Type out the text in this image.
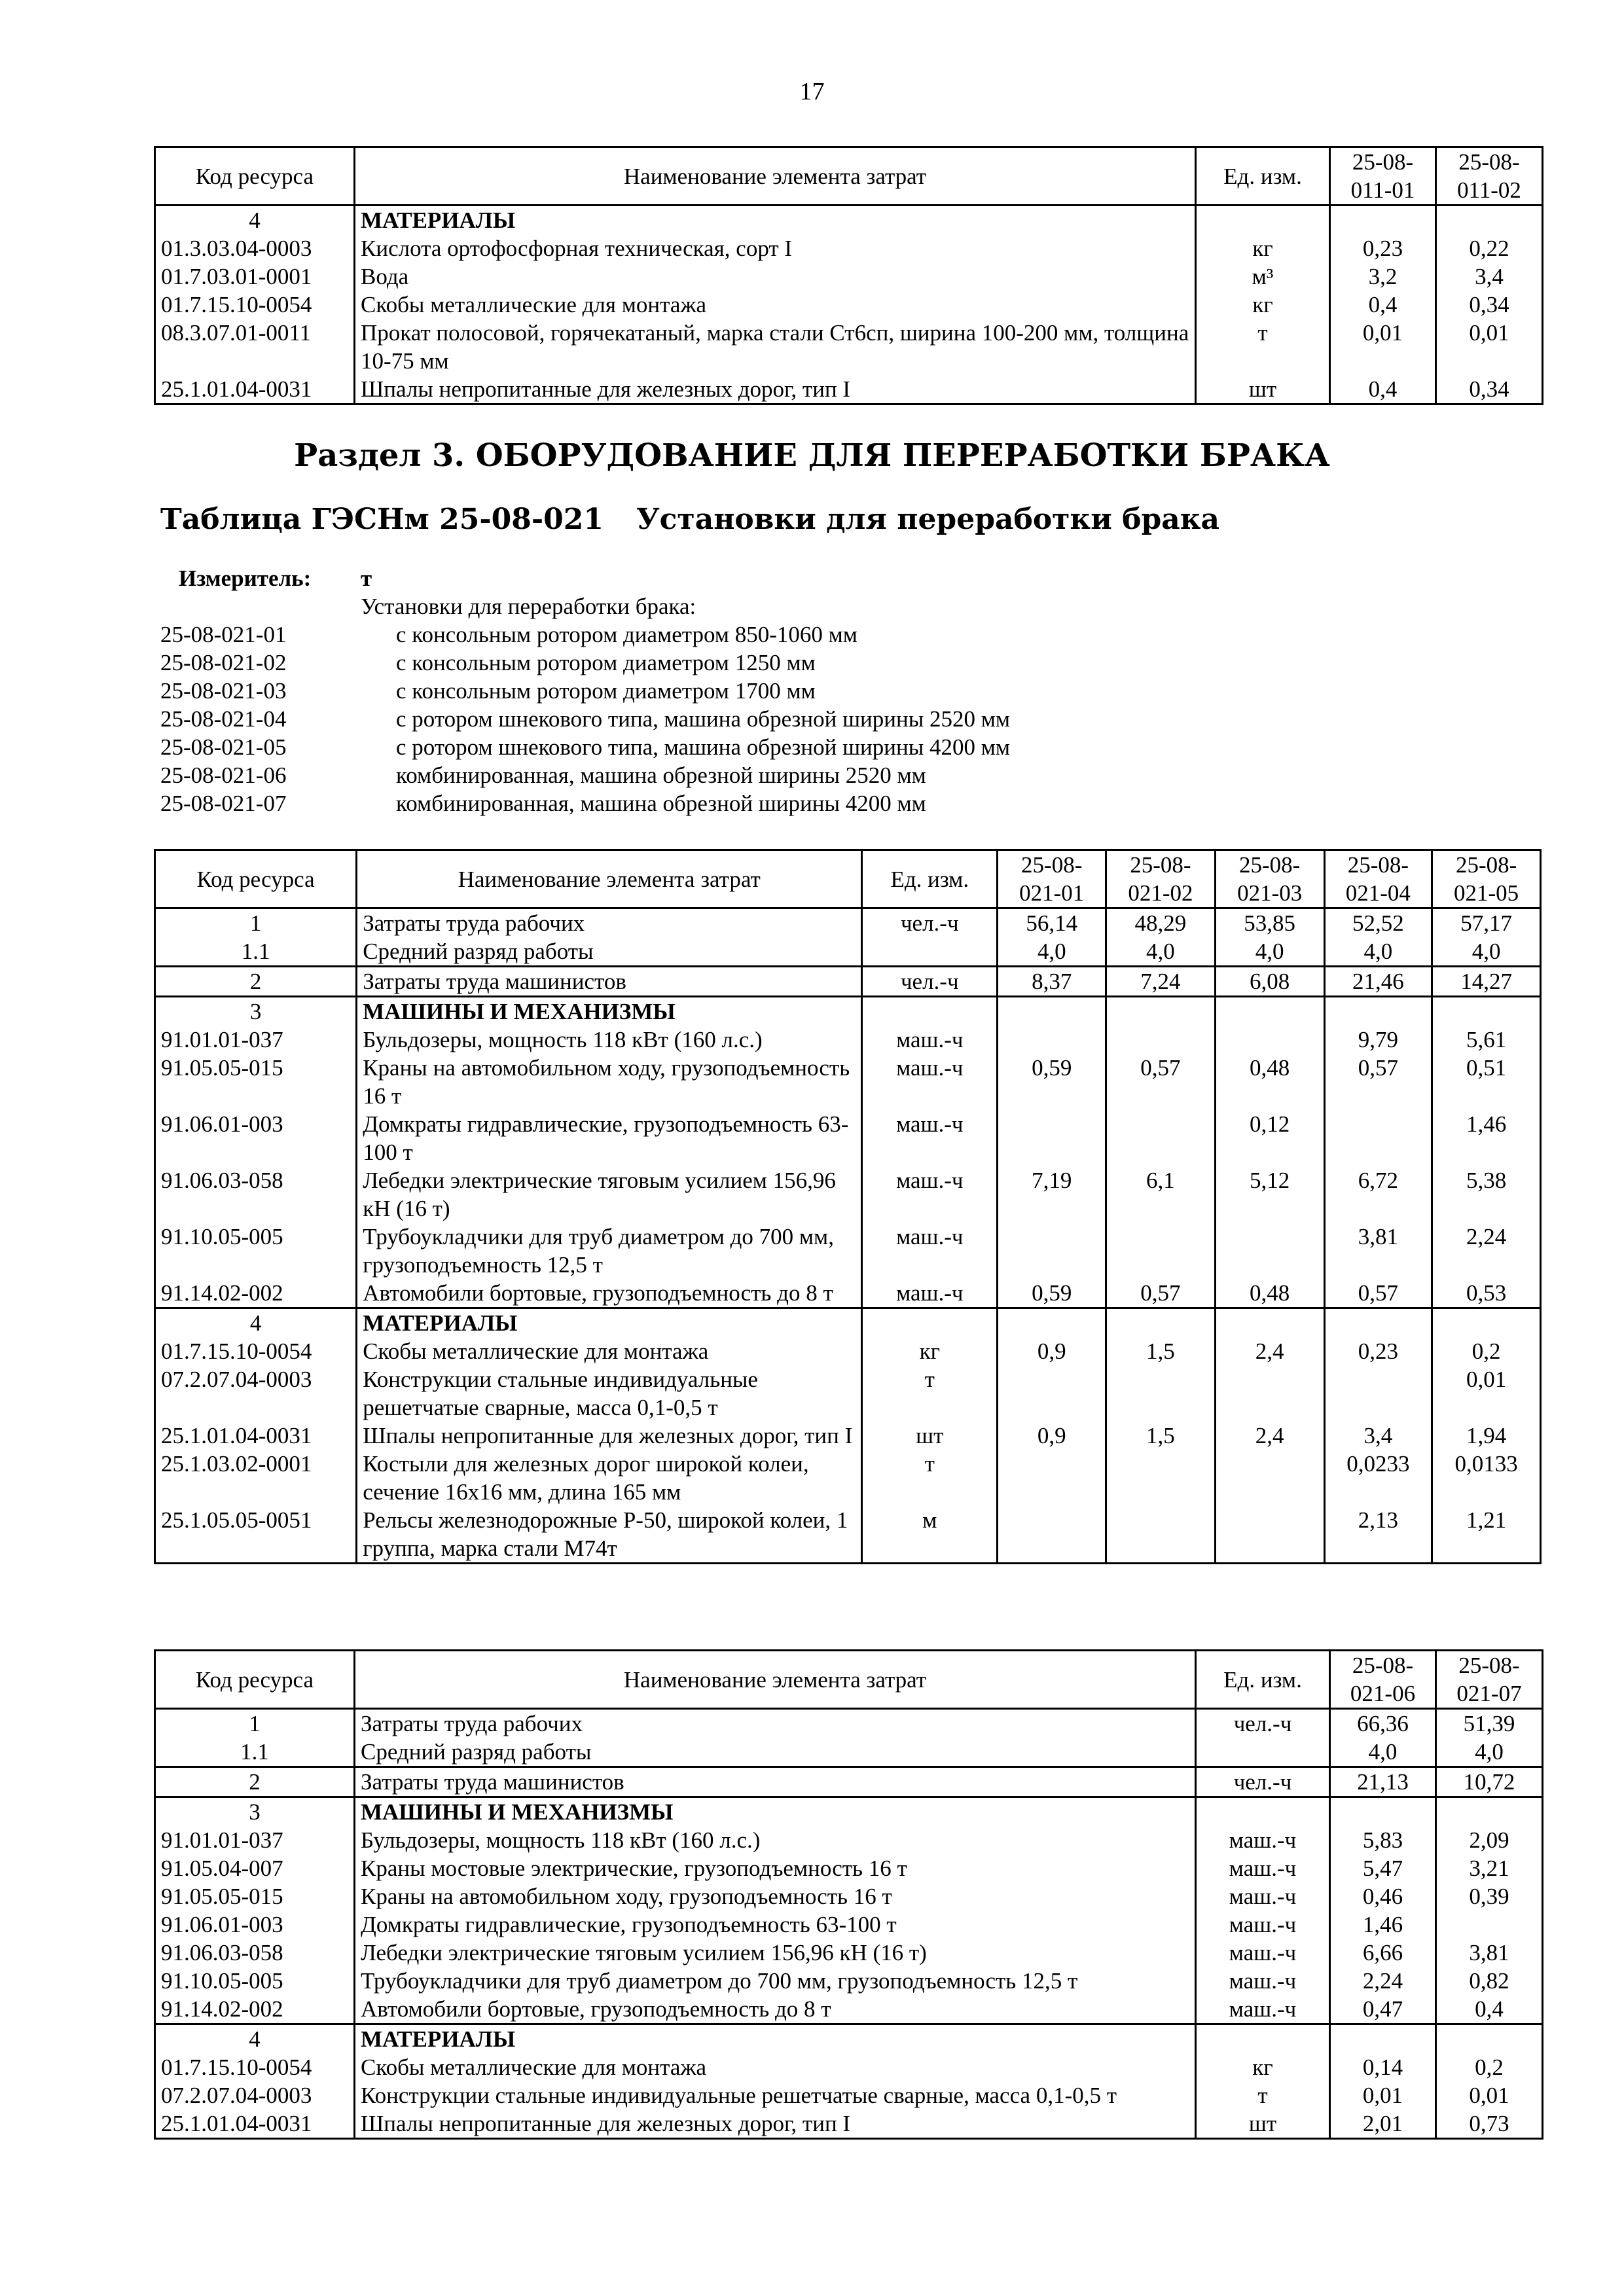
17
Код ресурса	Наименование элемента затрат	Ед. изм.	25-08-
011-01	25-08-
011-02
4	МАТЕРИАЛЫ			
01.3.03.04-0003	Кислота ортофосфорная техническая, сорт I	кг	0,23	0,22
01.7.03.01-0001	Вода	м³	3,2	3,4
01.7.15.10-0054	Скобы металлические для монтажа	кг	0,4	0,34
08.3.07.01-0011	Прокат полосовой, горячекатаный, марка стали Ст6сп, ширина 100-200 мм, толщина 10-75 мм	т	0,01	0,01
25.1.01.04-0031	Шпалы непропитанные для железных дорог, тип I	шт	0,4	0,34
Раздел 3. ОБОРУДОВАНИЕ ДЛЯ ПЕРЕРАБОТКИ БРАКА
Таблица ГЭСНм 25-08-021 Установки для переработки брака
Измеритель: т
Установки для переработки брака:
25-08-021-01	с консольным ротором диаметром 850-1060 мм
25-08-021-02	с консольным ротором диаметром 1250 мм
25-08-021-03	с консольным ротором диаметром 1700 мм
25-08-021-04	с ротором шнекового типа, машина обрезной ширины 2520 мм
25-08-021-05	с ротором шнекового типа, машина обрезной ширины 4200 мм
25-08-021-06	комбинированная, машина обрезной ширины 2520 мм
25-08-021-07	комбинированная, машина обрезной ширины 4200 мм
Код ресурса	Наименование элемента затрат	Ед. изм.	25-08-
021-01	25-08-
021-02	25-08-
021-03	25-08-
021-04	25-08-
021-05
1	Затраты труда рабочих	чел.-ч	56,14	48,29	53,85	52,52	57,17
1.1	Средний разряд работы		4,0	4,0	4,0	4,0	4,0
2	Затраты труда машинистов	чел.-ч	8,37	7,24	6,08	21,46	14,27
3	МАШИНЫ И МЕХАНИЗМЫ						
91.01.01-037	Бульдозеры, мощность 118 кВт (160 л.с.)	маш.-ч				9,79	5,61
91.05.05-015	Краны на автомобильном ходу, грузоподъемность 16 т	маш.-ч	0,59	0,57	0,48	0,57	0,51
91.06.01-003	Домкраты гидравлические, грузоподъемность 63-100 т	маш.-ч			0,12		1,46
91.06.03-058	Лебедки электрические тяговым усилием 156,96 кН (16 т)	маш.-ч	7,19	6,1	5,12	6,72	5,38
91.10.05-005	Трубоукладчики для труб диаметром до 700 мм, грузоподъемность 12,5 т	маш.-ч				3,81	2,24
91.14.02-002	Автомобили бортовые, грузоподъемность до 8 т	маш.-ч	0,59	0,57	0,48	0,57	0,53
4	МАТЕРИАЛЫ						
01.7.15.10-0054	Скобы металлические для монтажа	кг	0,9	1,5	2,4	0,23	0,2
07.2.07.04-0003	Конструкции стальные индивидуальные решетчатые сварные, масса 0,1-0,5 т	т					0,01
25.1.01.04-0031	Шпалы непропитанные для железных дорог, тип I	шт	0,9	1,5	2,4	3,4	1,94
25.1.03.02-0001	Костыли для железных дорог широкой колеи, сечение 16х16 мм, длина 165 мм	т				0,0233	0,0133
25.1.05.05-0051	Рельсы железнодорожные Р-50, широкой колеи, 1 группа, марка стали М74т	м				2,13	1,21
Код ресурса	Наименование элемента затрат	Ед. изм.	25-08-
021-06	25-08-
021-07
1	Затраты труда рабочих	чел.-ч	66,36	51,39
1.1	Средний разряд работы		4,0	4,0
2	Затраты труда машинистов	чел.-ч	21,13	10,72
3	МАШИНЫ И МЕХАНИЗМЫ			
91.01.01-037	Бульдозеры, мощность 118 кВт (160 л.с.)	маш.-ч	5,83	2,09
91.05.04-007	Краны мостовые электрические, грузоподъемность 16 т	маш.-ч	5,47	3,21
91.05.05-015	Краны на автомобильном ходу, грузоподъемность 16 т	маш.-ч	0,46	0,39
91.06.01-003	Домкраты гидравлические, грузоподъемность 63-100 т	маш.-ч	1,46	
91.06.03-058	Лебедки электрические тяговым усилием 156,96 кН (16 т)	маш.-ч	6,66	3,81
91.10.05-005	Трубоукладчики для труб диаметром до 700 мм, грузоподъемность 12,5 т	маш.-ч	2,24	0,82
91.14.02-002	Автомобили бортовые, грузоподъемность до 8 т	маш.-ч	0,47	0,4
4	МАТЕРИАЛЫ			
01.7.15.10-0054	Скобы металлические для монтажа	кг	0,14	0,2
07.2.07.04-0003	Конструкции стальные индивидуальные решетчатые сварные, масса 0,1-0,5 т	т	0,01	0,01
25.1.01.04-0031	Шпалы непропитанные для железных дорог, тип I	шт	2,01	0,73
